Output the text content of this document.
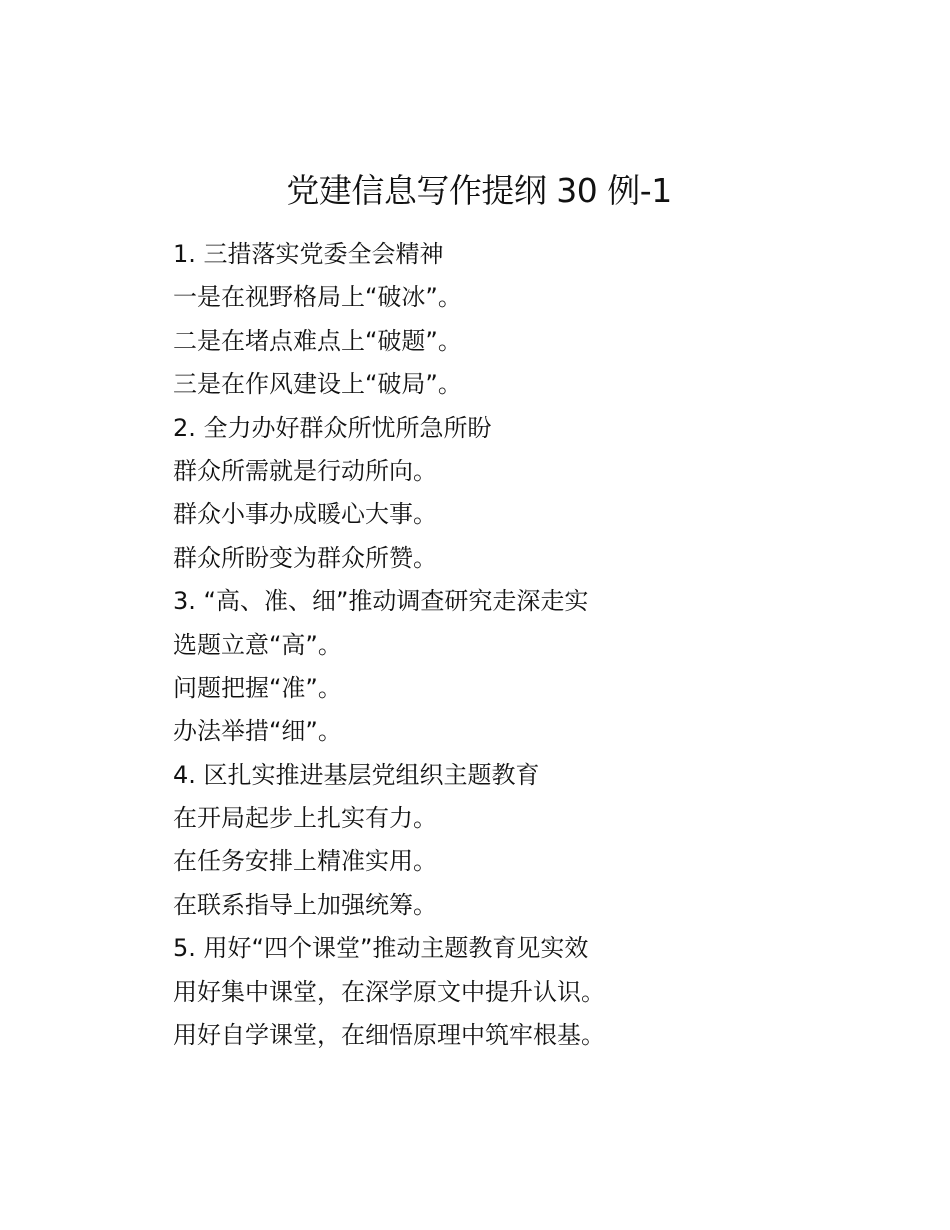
党建信息写作提纲 30 例-1
1. 三措落实党委全会精神
一是在视野格局上“破冰”。
二是在堵点难点上“破题”。
三是在作风建设上“破局”。
2. 全力办好群众所忧所急所盼
群众所需就是行动所向。
群众小事办成暖心大事。
群众所盼变为群众所赞。
3. “高、准、细”推动调查研究走深走实
选题立意“高”。
问题把握“准”。
办法举措“细”。
4. 区扎实推进基层党组织主题教育
在开局起步上扎实有力。
在任务安排上精准实用。
在联系指导上加强统筹。
5. 用好“四个课堂”推动主题教育见实效
用好集中课堂，在深学原文中提升认识。
用好自学课堂，在细悟原理中筑牢根基。
